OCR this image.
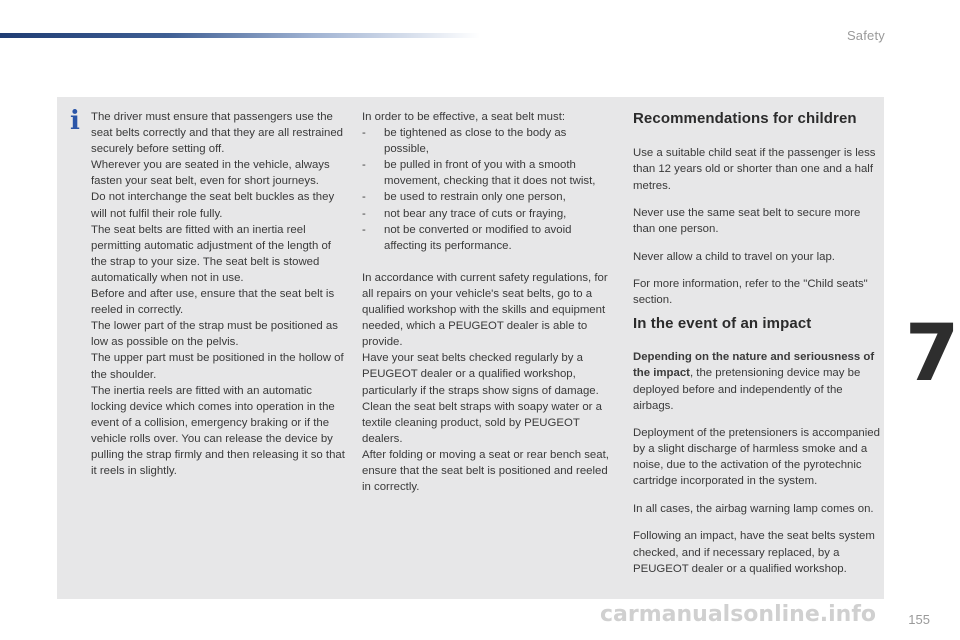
Safety
i The driver must ensure that passengers use the seat belts correctly and that they are all restrained securely before setting off.

Wherever you are seated in the vehicle, always fasten your seat belt, even for short journeys.

Do not interchange the seat belt buckles as they will not fulfil their role fully.

The seat belts are fitted with an inertia reel permitting automatic adjustment of the length of the strap to your size. The seat belt is stowed automatically when not in use.

Before and after use, ensure that the seat belt is reeled in correctly.

The lower part of the strap must be positioned as low as possible on the pelvis.

The upper part must be positioned in the hollow of the shoulder.

The inertia reels are fitted with an automatic locking device which comes into operation in the event of a collision, emergency braking or if the vehicle rolls over. You can release the device by pulling the strap firmly and then releasing it so that it reels in slightly.

In order to be effective, a seat belt must:

- be tightened as close to the body as possible,
- be pulled in front of you with a smooth movement, checking that it does not twist,
- be used to restrain only one person,
- not bear any trace of cuts or fraying,
- not be converted or modified to avoid affecting its performance.

In accordance with current safety regulations, for all repairs on your vehicle's seat belts, go to a qualified workshop with the skills and equipment needed, which a PEUGEOT dealer is able to provide.

Have your seat belts checked regularly by a PEUGEOT dealer or a qualified workshop, particularly if the straps show signs of damage.

Clean the seat belt straps with soapy water or a textile cleaning product, sold by PEUGEOT dealers.

After folding or moving a seat or rear bench seat, ensure that the seat belt is positioned and reeled in correctly.

Recommendations for children

Use a suitable child seat if the passenger is less than 12 years old or shorter than one and a half metres.

Never use the same seat belt to secure more than one person.

Never allow a child to travel on your lap.

For more information, refer to the "Child seats" section.

In the event of an impact

Depending on the nature and seriousness of the impact, the pretensioning device may be deployed before and independently of the airbags.

Deployment of the pretensioners is accompanied by a slight discharge of harmless smoke and a noise, due to the activation of the pyrotechnic cartridge incorporated in the system.

In all cases, the airbag warning lamp comes on.

Following an impact, have the seat belts system checked, and if necessary replaced, by a PEUGEOT dealer or a qualified workshop.

7
carmanualsonline.info 155
